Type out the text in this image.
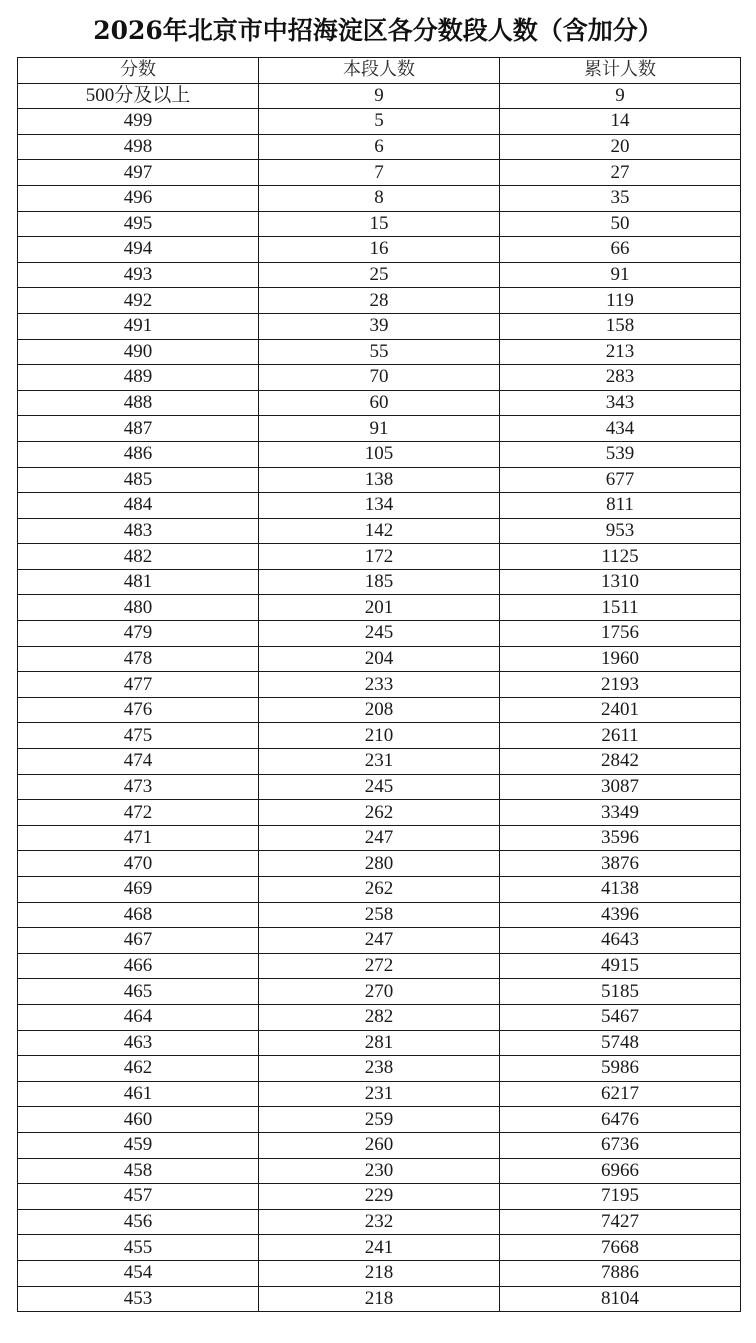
2026年北京市中招海淀区各分数段人数（含加分）
分数	本段人数	累计人数
500分及以上	9	9
499	5	14
498	6	20
497	7	27
496	8	35
495	15	50
494	16	66
493	25	91
492	28	119
491	39	158
490	55	213
489	70	283
488	60	343
487	91	434
486	105	539
485	138	677
484	134	811
483	142	953
482	172	1125
481	185	1310
480	201	1511
479	245	1756
478	204	1960
477	233	2193
476	208	2401
475	210	2611
474	231	2842
473	245	3087
472	262	3349
471	247	3596
470	280	3876
469	262	4138
468	258	4396
467	247	4643
466	272	4915
465	270	5185
464	282	5467
463	281	5748
462	238	5986
461	231	6217
460	259	6476
459	260	6736
458	230	6966
457	229	7195
456	232	7427
455	241	7668
454	218	7886
453	218	8104
